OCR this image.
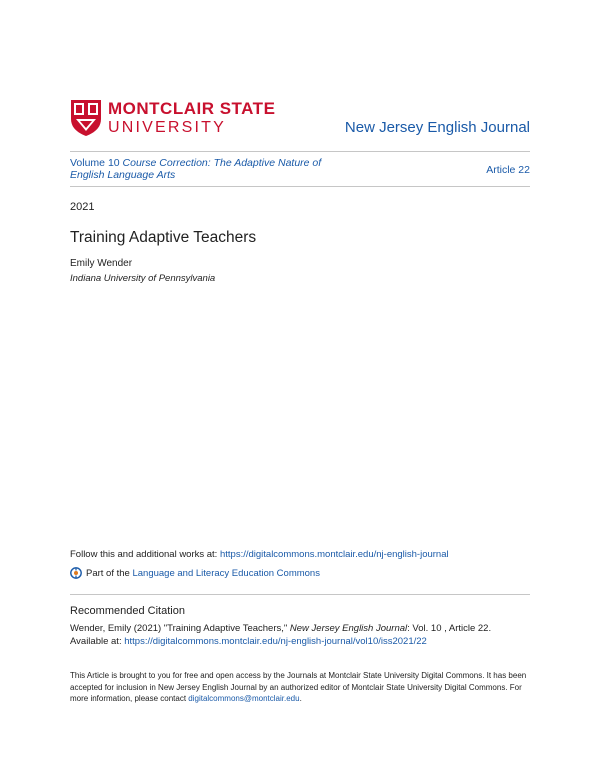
MONTCLAIR STATE
UNIVERSITY	New Jersey English Journal
Volume 10 Course Correction: The Adaptive Nature of English Language Arts	Article 22
2021
Training Adaptive Teachers
Emily Wender
Indiana University of Pennsylvania
Follow this and additional works at: https://digitalcommons.montclair.edu/nj-english-journal
Part of the
Language and Literacy Education Commons
Recommended Citation
Wender, Emily (2021) "Training Adaptive Teachers," New Jersey English Journal: Vol. 10 , Article 22.
Available at: https://digitalcommons.montclair.edu/nj-english-journal/vol10/iss2021/22
This Article is brought to you for free and open access by the Journals at Montclair State University Digital Commons. It has been accepted for inclusion in New Jersey English Journal by an authorized editor of Montclair State University Digital Commons. For more information, please contact digitalcommons@montclair.edu.
